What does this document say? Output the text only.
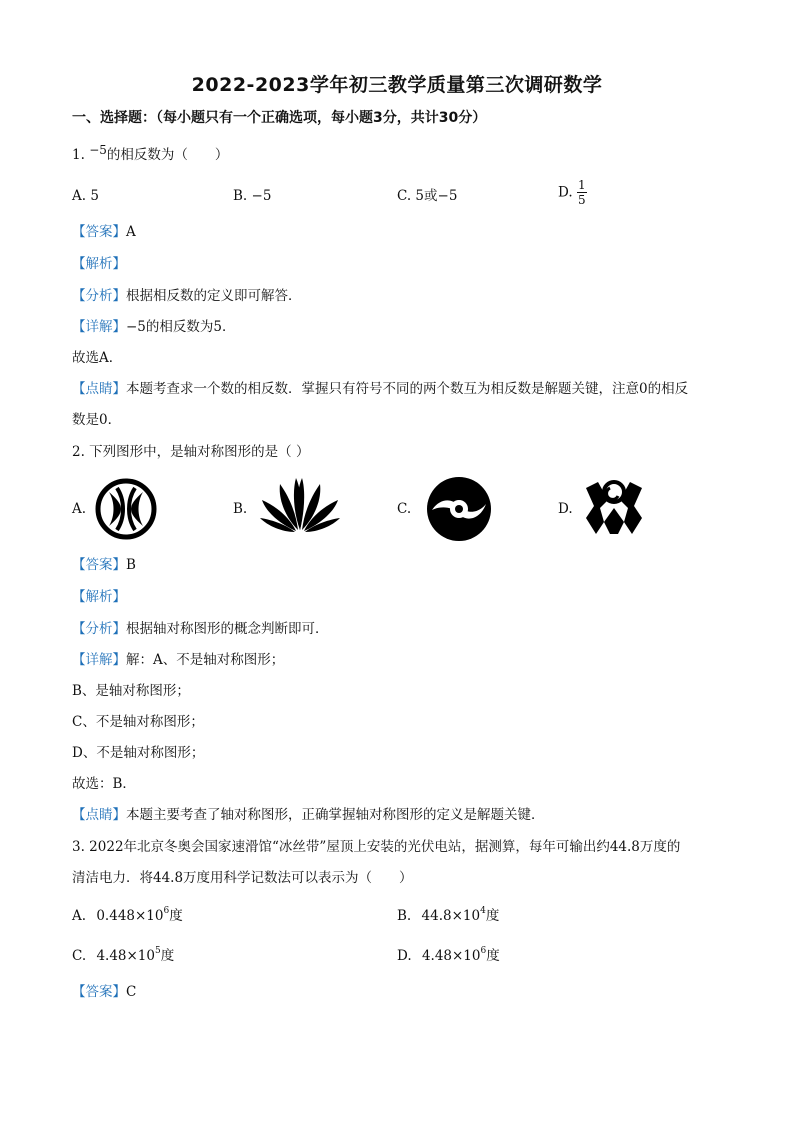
2022-2023学年初三教学质量第三次调研数学
一、选择题：（每小题只有一个正确选项，每小题3分，共计30分）
1. $^{-5}$的相反数为（　　）
A. 5	B. −5	C. 5或−5	D. $\frac{1}{5}$
【答案】A
【解析】
【分析】根据相反数的定义即可解答．
【详解】−5的相反数为5．
故选A．
【点睛】本题考查求一个数的相反数．掌握只有符号不同的两个数互为相反数是解题关键，注意0的相反
数是0．
2. 下列图形中，是轴对称图形的是（ ）
A.	B.	C.	D.
【答案】B
【解析】
【分析】根据轴对称图形的概念判断即可．
【详解】解：A、不是轴对称图形；
B、是轴对称图形；
C、不是轴对称图形；
D、不是轴对称图形；
故选：B．
【点睛】本题主要考查了轴对称图形，正确掌握轴对称图形的定义是解题关键．
3. 2022年北京冬奥会国家速滑馆“冰丝带”屋顶上安装的光伏电站，据测算，每年可输出约44.8万度的
清洁电力．将44.8万度用科学记数法可以表示为（　　）
A. $0.448\times 10^6$度	B. $44.8\times 10^4$度
C. $4.48\times 10^5$度	D. $4.48\times 10^6$度
【答案】C
